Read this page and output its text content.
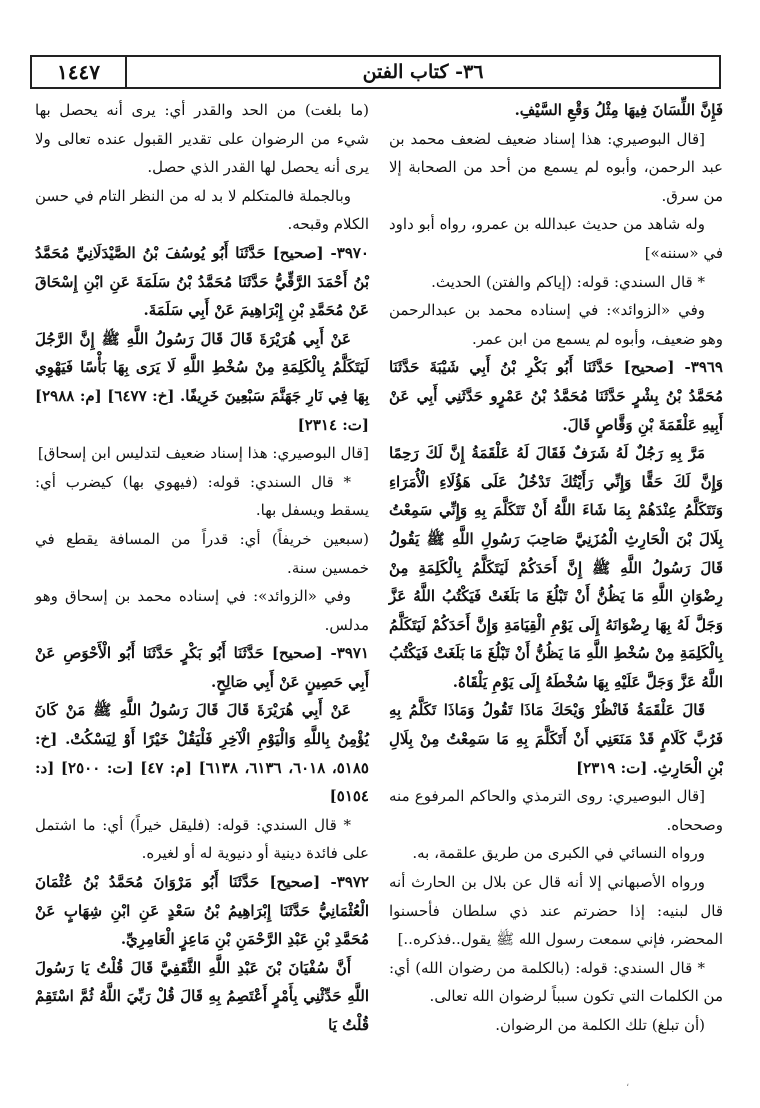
١٤٤٧	٣٦- كتاب الفتن

فَإِنَّ اللِّسَانَ فِيهَا مِثْلُ وَقْعِ السَّيْفِ.

[قال البوصيري: هذا إسناد ضعيف لضعف محمد بن عبد الرحمن، وأبوه لم يسمع من أحد من الصحابة إلا من سرق.

وله شاهد من حديث عبدالله بن عمرو، رواه أبو داود في «سننه»]

* قال السندي: قوله: (إياكم والفتن) الحديث.

وفي «الزوائد»: في إسناده محمد بن عبدالرحمن وهو ضعيف، وأبوه لم يسمع من ابن عمر.

٣٩٦٩- [صحيح] حَدَّثَنَا أَبُو بَكْرِ بْنُ أَبِي شَيْبَةَ حَدَّثَنَا مُحَمَّدُ بْنُ بِشْرٍ حَدَّثَنَا مُحَمَّدُ بْنُ عَمْرٍو حَدَّثَنِي أَبِي عَنْ أَبِيهِ عَلْقَمَةَ بْنِ وَقَّاصٍ قَالَ.

مَرَّ بِهِ رَجُلٌ لَهُ شَرَفٌ فَقَالَ لَهُ عَلْقَمَةُ إِنَّ لَكَ رَحِمًا وَإِنَّ لَكَ حَقًّا وَإِنِّي رَأَيْتُكَ تَدْخُلُ عَلَى هَؤُلَاءِ الْأُمَرَاءِ وَتَتَكَلَّمُ عِنْدَهُمْ بِمَا شَاءَ اللَّهُ أَنْ تَتَكَلَّمَ بِهِ وَإِنِّي سَمِعْتُ بِلَالَ بْنَ الْحَارِثِ الْمُزَنِيَّ صَاحِبَ رَسُولِ اللَّهِ ﷺ يَقُولُ قَالَ رَسُولُ اللَّهِ ﷺ إِنَّ أَحَدَكُمْ لَيَتَكَلَّمُ بِالْكَلِمَةِ مِنْ رِضْوَانِ اللَّهِ مَا يَظُنُّ أَنْ تَبْلُغَ مَا بَلَغَتْ فَيَكْتُبُ اللَّهُ عَزَّ وَجَلَّ لَهُ بِهَا رِضْوَانَهُ إِلَى يَوْمِ الْقِيَامَةِ وَإِنَّ أَحَدَكُمْ لَيَتَكَلَّمُ بِالْكَلِمَةِ مِنْ سُخْطِ اللَّهِ مَا يَظُنُّ أَنْ تَبْلُغَ مَا بَلَغَتْ فَيَكْتُبُ اللَّهُ عَزَّ وَجَلَّ عَلَيْهِ بِهَا سُخْطَهُ إِلَى يَوْمِ يَلْقَاهُ.

قَالَ عَلْقَمَةُ فَانْظُرْ وَيْحَكَ مَاذَا تَقُولُ وَمَاذَا تَكَلَّمُ بِهِ فَرُبَّ كَلَامٍ قَدْ مَنَعَنِي أَنْ أَتَكَلَّمَ بِهِ مَا سَمِعْتُ مِنْ بِلَالِ بْنِ الْحَارِثِ. [ت: ٢٣١٩]

[قال البوصيري: روى الترمذي والحاكم المرفوع منه وصححاه.

ورواه النسائي في الكبرى من طريق علقمة، به.

ورواه الأصبهاني إلا أنه قال عن بلال بن الحارث أنه قال لبنيه: إذا حضرتم عند ذي سلطان فأحسنوا المحضر، فإني سمعت رسول الله ﷺ يقول..فذكره..]

* قال السندي: قوله: (بالكلمة من رضوان الله) أي: من الكلمات التي تكون سبباً لرضوان الله تعالى.

(أن تبلغ) تلك الكلمة من الرضوان.

(ما بلغت) من الحد والقدر أي: يرى أنه يحصل بها شيء من الرضوان على تقدير القبول عنده تعالى ولا يرى أنه يحصل لها القدر الذي حصل.

وبالجملة فالمتكلم لا بد له من النظر التام في حسن الكلام وقبحه.

٣٩٧٠- [صحيح] حَدَّثَنَا أَبُو يُوسُفَ بْنُ الصَّيْدَلَانِيِّ مُحَمَّدُ بْنُ أَحْمَدَ الرَّقِّيُّ حَدَّثَنَا مُحَمَّدُ بْنُ سَلَمَةَ عَنِ ابْنِ إِسْحَاقَ عَنْ مُحَمَّدِ بْنِ إِبْرَاهِيمَ عَنْ أَبِي سَلَمَةَ.

عَنْ أَبِي هُرَيْرَةَ قَالَ قَالَ رَسُولُ اللَّهِ ﷺ إِنَّ الرَّجُلَ لَيَتَكَلَّمُ بِالْكَلِمَةِ مِنْ سُخْطِ اللَّهِ لَا يَرَى بِهَا بَأْسًا فَيَهْوِي بِهَا فِي نَارِ جَهَنَّمَ سَبْعِينَ خَرِيفًا. [خ: ٦٤٧٧] [م: ٢٩٨٨] [ت: ٢٣١٤]

[قال البوصيري: هذا إسناد ضعيف لتدليس ابن إسحاق]

* قال السندي: قوله: (فيهوي بها) كيضرب أي: يسقط ويسفل بها.

(سبعين خريفاً) أي: قدراً من المسافة يقطع في خمسين سنة.

وفي «الزوائد»: في إسناده محمد بن إسحاق وهو مدلس.

٣٩٧١- [صحيح] حَدَّثَنَا أَبُو بَكْرٍ حَدَّثَنَا أَبُو الْأَحْوَصِ عَنْ أَبِي حَصِينٍ عَنْ أَبِي صَالِحٍ.

عَنْ أَبِي هُرَيْرَةَ قَالَ قَالَ رَسُولُ اللَّهِ ﷺ مَنْ كَانَ يُؤْمِنُ بِاللَّهِ وَالْيَوْمِ الْآخِرِ فَلْيَقُلْ خَيْرًا أَوْ لِيَسْكُتْ. [خ: ٥١٨٥، ٦٠١٨، ٦١٣٦، ٦١٣٨] [م: ٤٧] [ت: ٢٥٠٠] [د: ٥١٥٤]

* قال السندي: قوله: (فليقل خيراً) أي: ما اشتمل على فائدة دينية أو دنيوية له أو لغيره.

٣٩٧٢- [صحيح] حَدَّثَنَا أَبُو مَرْوَانَ مُحَمَّدُ بْنُ عُثْمَانَ الْعُثْمَانِيُّ حَدَّثَنَا إِبْرَاهِيمُ بْنُ سَعْدٍ عَنِ ابْنِ شِهَابٍ عَنْ مُحَمَّدِ بْنِ عَبْدِ الرَّحْمَنِ بْنِ مَاعِزٍ الْعَامِرِيِّ.

أَنَّ سُفْيَانَ بْنَ عَبْدِ اللَّهِ الثَّقَفِيَّ قَالَ قُلْتُ يَا رَسُولَ اللَّهِ حَدِّثْنِي بِأَمْرٍ أَعْتَصِمُ بِهِ قَالَ قُلْ رَبِّيَ اللَّهُ ثُمَّ اسْتَقِمْ قُلْتُ يَا

،
